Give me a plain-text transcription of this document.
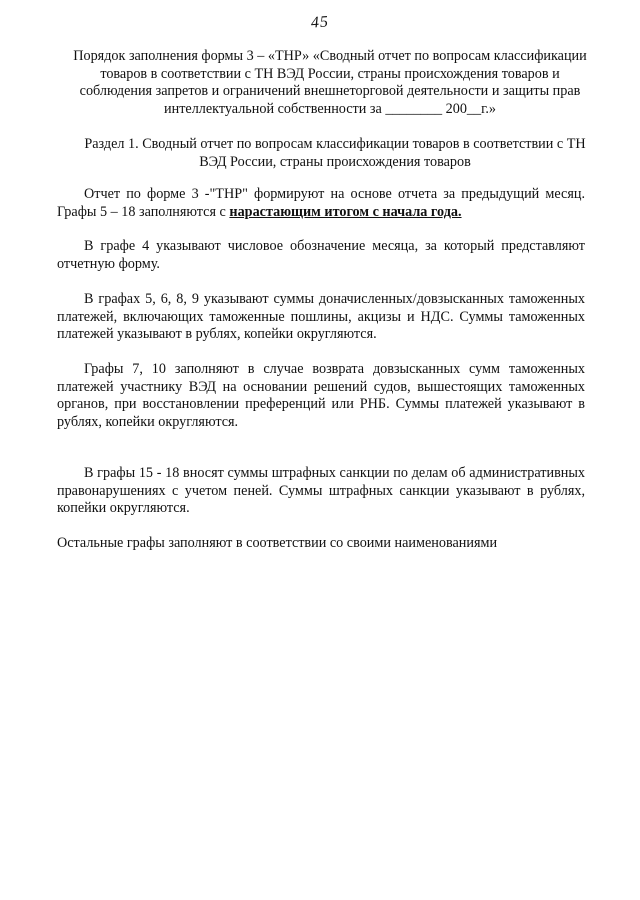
45
Порядок заполнения формы 3 – «ТНР» «Сводный отчет по вопросам классификации товаров в соответствии с ТН ВЭД России, страны происхождения товаров и соблюдения запретов и ограничений внешнеторговой деятельности и защиты прав интеллектуальной собственности за ________ 200__г.»
Раздел 1. Сводный отчет по вопросам классификации товаров в соответствии с ТН ВЭД России, страны происхождения товаров
Отчет по форме 3 -"ТНР" формируют на основе отчета за предыдущий месяц. Графы 5 – 18 заполняются с нарастающим итогом с начала года.
В графе 4 указывают числовое обозначение месяца, за который представляют отчетную форму.
В графах 5, 6, 8, 9 указывают суммы доначисленных/довзысканных таможенных платежей, включающих таможенные пошлины, акцизы и НДС. Суммы таможенных платежей указывают в рублях, копейки округляются.
Графы 7, 10 заполняют в случае возврата довзысканных сумм таможенных платежей участнику ВЭД на основании решений судов, вышестоящих таможенных органов, при восстановлении преференций или РНБ. Суммы платежей указывают в рублях, копейки округляются.
В графы 15 - 18 вносят суммы штрафных санкции по делам об административных правонарушениях с учетом пеней. Суммы штрафных санкции указывают в рублях, копейки округляются.
Остальные графы заполняют в соответствии со своими наименованиями
